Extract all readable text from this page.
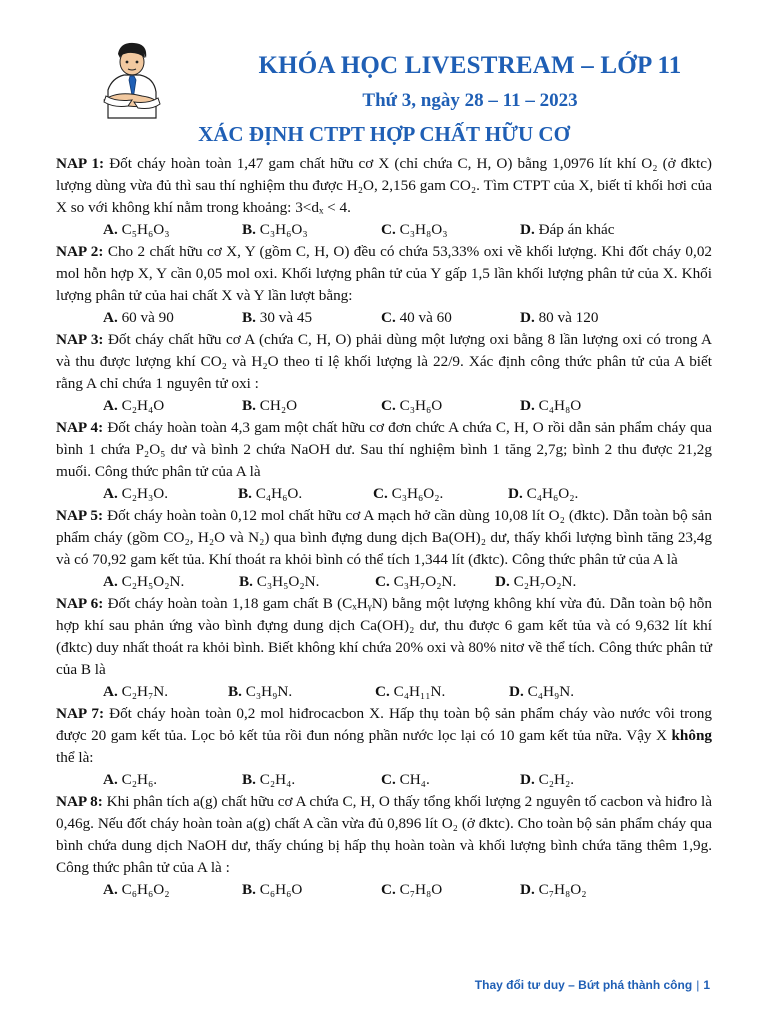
KHÓA HỌC LIVESTREAM – LỚP 11
Thứ 3, ngày 28 – 11 – 2023
XÁC ĐỊNH CTPT HỢP CHẤT HỮU CƠ
NAP 1: Đốt cháy hoàn toàn 1,47 gam chất hữu cơ X (chỉ chứa C, H, O) bằng 1,0976 lít khí O₂ (ở đktc) lượng dùng vừa đủ thì sau thí nghiệm thu được H₂O, 2,156 gam CO₂. Tìm CTPT của X, biết tỉ khối hơi của X so với không khí nằm trong khoảng: 3<dₓ < 4.
A. C₅H₆O₃	B. C₃H₆O₃	C. C₃H₈O₃	D. Đáp án khác
NAP 2: Cho 2 chất hữu cơ X, Y (gồm C, H, O) đều có chứa 53,33% oxi về khối lượng. Khi đốt cháy 0,02 mol hỗn hợp X, Y cần 0,05 mol oxi. Khối lượng phân tử của Y gấp 1,5 lần khối lượng phân tử của X. Khối lượng phân tử của hai chất X và Y lần lượt bằng:
A. 60 và 90	B. 30 và 45	C. 40 và 60	D. 80 và 120
NAP 3: Đốt cháy chất hữu cơ A (chứa C, H, O) phải dùng một lượng oxi bằng 8 lần lượng oxi có trong A và thu được lượng khí CO₂ và H₂O theo tỉ lệ khối lượng là 22/9. Xác định công thức phân tử của A biết rằng A chỉ chứa 1 nguyên tử oxi :
A. C₂H₄O	B. CH₂O	C. C₃H₆O	D. C₄H₈O
NAP 4: Đốt cháy hoàn toàn 4,3 gam một chất hữu cơ đơn chức A chứa C, H, O rồi dẫn sản phẩm cháy qua bình 1 chứa P₂O₅ dư và bình 2 chứa NaOH dư. Sau thí nghiệm bình 1 tăng 2,7g; bình 2 thu được 21,2g muối. Công thức phân tử của A là
A. C₂H₃O.	B. C₄H₆O.	C. C₃H₆O₂.	D. C₄H₆O₂.
NAP 5: Đốt cháy hoàn toàn 0,12 mol chất hữu cơ A mạch hở cần dùng 10,08 lít O₂ (đktc). Dẫn toàn bộ sản phẩm cháy (gồm CO₂, H₂O và N₂) qua bình đựng dung dịch Ba(OH)₂ dư, thấy khối lượng bình tăng 23,4g và có 70,92 gam kết tủa. Khí thoát ra khỏi bình có thể tích 1,344 lít (đktc). Công thức phân tử của A là
A. C₂H₅O₂N.	B. C₃H₅O₂N.	C. C₃H₇O₂N.	D. C₂H₇O₂N.
NAP 6: Đốt cháy hoàn toàn 1,18 gam chất B (CₓHᵧN) bằng một lượng không khí vừa đủ. Dẫn toàn bộ hỗn hợp khí sau phản ứng vào bình đựng dung dịch Ca(OH)₂ dư, thu được 6 gam kết tủa và có 9,632 lít khí (đktc) duy nhất thoát ra khỏi bình. Biết không khí chứa 20% oxi và 80% nitơ về thể tích. Công thức phân tử của B là
A. C₂H₇N.	B. C₃H₉N.	C. C₄H₁₁N.	D. C₄H₉N.
NAP 7: Đốt cháy hoàn toàn 0,2 mol hiđrocacbon X. Hấp thụ toàn bộ sản phẩm cháy vào nước vôi trong được 20 gam kết tủa. Lọc bỏ kết tủa rồi đun nóng phần nước lọc lại có 10 gam kết tủa nữa. Vậy X không thể là:
A. C₂H₆.	B. C₂H₄.	C. CH₄.	D. C₂H₂.
NAP 8: Khi phân tích a(g) chất hữu cơ A chứa C, H, O thấy tổng khối lượng 2 nguyên tố cacbon và hiđro là 0,46g. Nếu đốt cháy hoàn toàn a(g) chất A cần vừa đủ 0,896 lít O₂ (ở đktc). Cho toàn bộ sản phẩm cháy qua bình chứa dung dịch NaOH dư, thấy chúng bị hấp thụ hoàn toàn và khối lượng bình chứa tăng thêm 1,9g. Công thức phân tử của A là :
A. C₆H₆O₂	B. C₆H₆O	C. C₇H₈O	D. C₇H₈O₂
Thay đổi tư duy – Bứt phá thành công | 1
